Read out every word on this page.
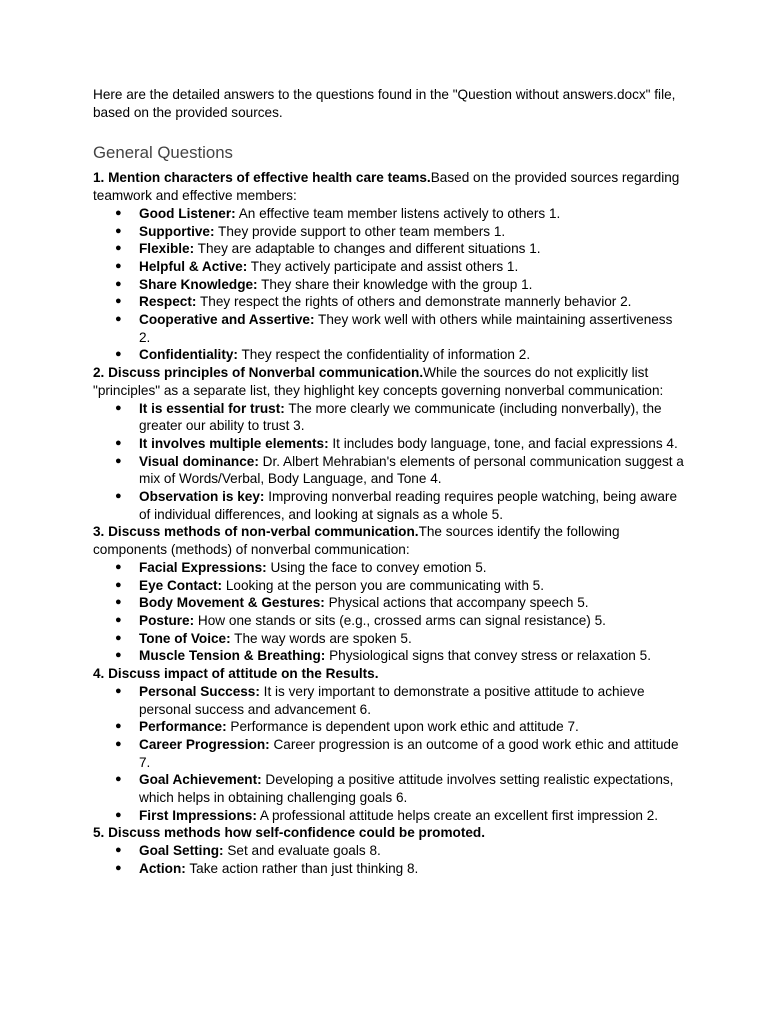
Here are the detailed answers to the questions found in the "Question without answers.docx" file, based on the provided sources.

General Questions

1. Mention characters of effective health care teams.Based on the provided sources regarding teamwork and effective members:

● Good Listener: An effective team member listens actively to others 1.
● Supportive: They provide support to other team members 1.
● Flexible: They are adaptable to changes and different situations 1.
● Helpful & Active: They actively participate and assist others 1.
● Share Knowledge: They share their knowledge with the group 1.
● Respect: They respect the rights of others and demonstrate mannerly behavior 2.
● Cooperative and Assertive: They work well with others while maintaining assertiveness 2.
● Confidentiality: They respect the confidentiality of information 2.

2. Discuss principles of Nonverbal communication.While the sources do not explicitly list "principles" as a separate list, they highlight key concepts governing nonverbal communication:

● It is essential for trust: The more clearly we communicate (including nonverbally), the greater our ability to trust 3.
● It involves multiple elements: It includes body language, tone, and facial expressions 4.
● Visual dominance: Dr. Albert Mehrabian's elements of personal communication suggest a mix of Words/Verbal, Body Language, and Tone 4.
● Observation is key: Improving nonverbal reading requires people watching, being aware of individual differences, and looking at signals as a whole 5.

3. Discuss methods of non-verbal communication.The sources identify the following components (methods) of nonverbal communication:

● Facial Expressions: Using the face to convey emotion 5.
● Eye Contact: Looking at the person you are communicating with 5.
● Body Movement & Gestures: Physical actions that accompany speech 5.
● Posture: How one stands or sits (e.g., crossed arms can signal resistance) 5.
● Tone of Voice: The way words are spoken 5.
● Muscle Tension & Breathing: Physiological signs that convey stress or relaxation 5.

4. Discuss impact of attitude on the Results.

● Personal Success: It is very important to demonstrate a positive attitude to achieve personal success and advancement 6.
● Performance: Performance is dependent upon work ethic and attitude 7.
● Career Progression: Career progression is an outcome of a good work ethic and attitude 7.
● Goal Achievement: Developing a positive attitude involves setting realistic expectations, which helps in obtaining challenging goals 6.
● First Impressions: A professional attitude helps create an excellent first impression 2.

5. Discuss methods how self-confidence could be promoted.

● Goal Setting: Set and evaluate goals 8.
● Action: Take action rather than just thinking 8.
